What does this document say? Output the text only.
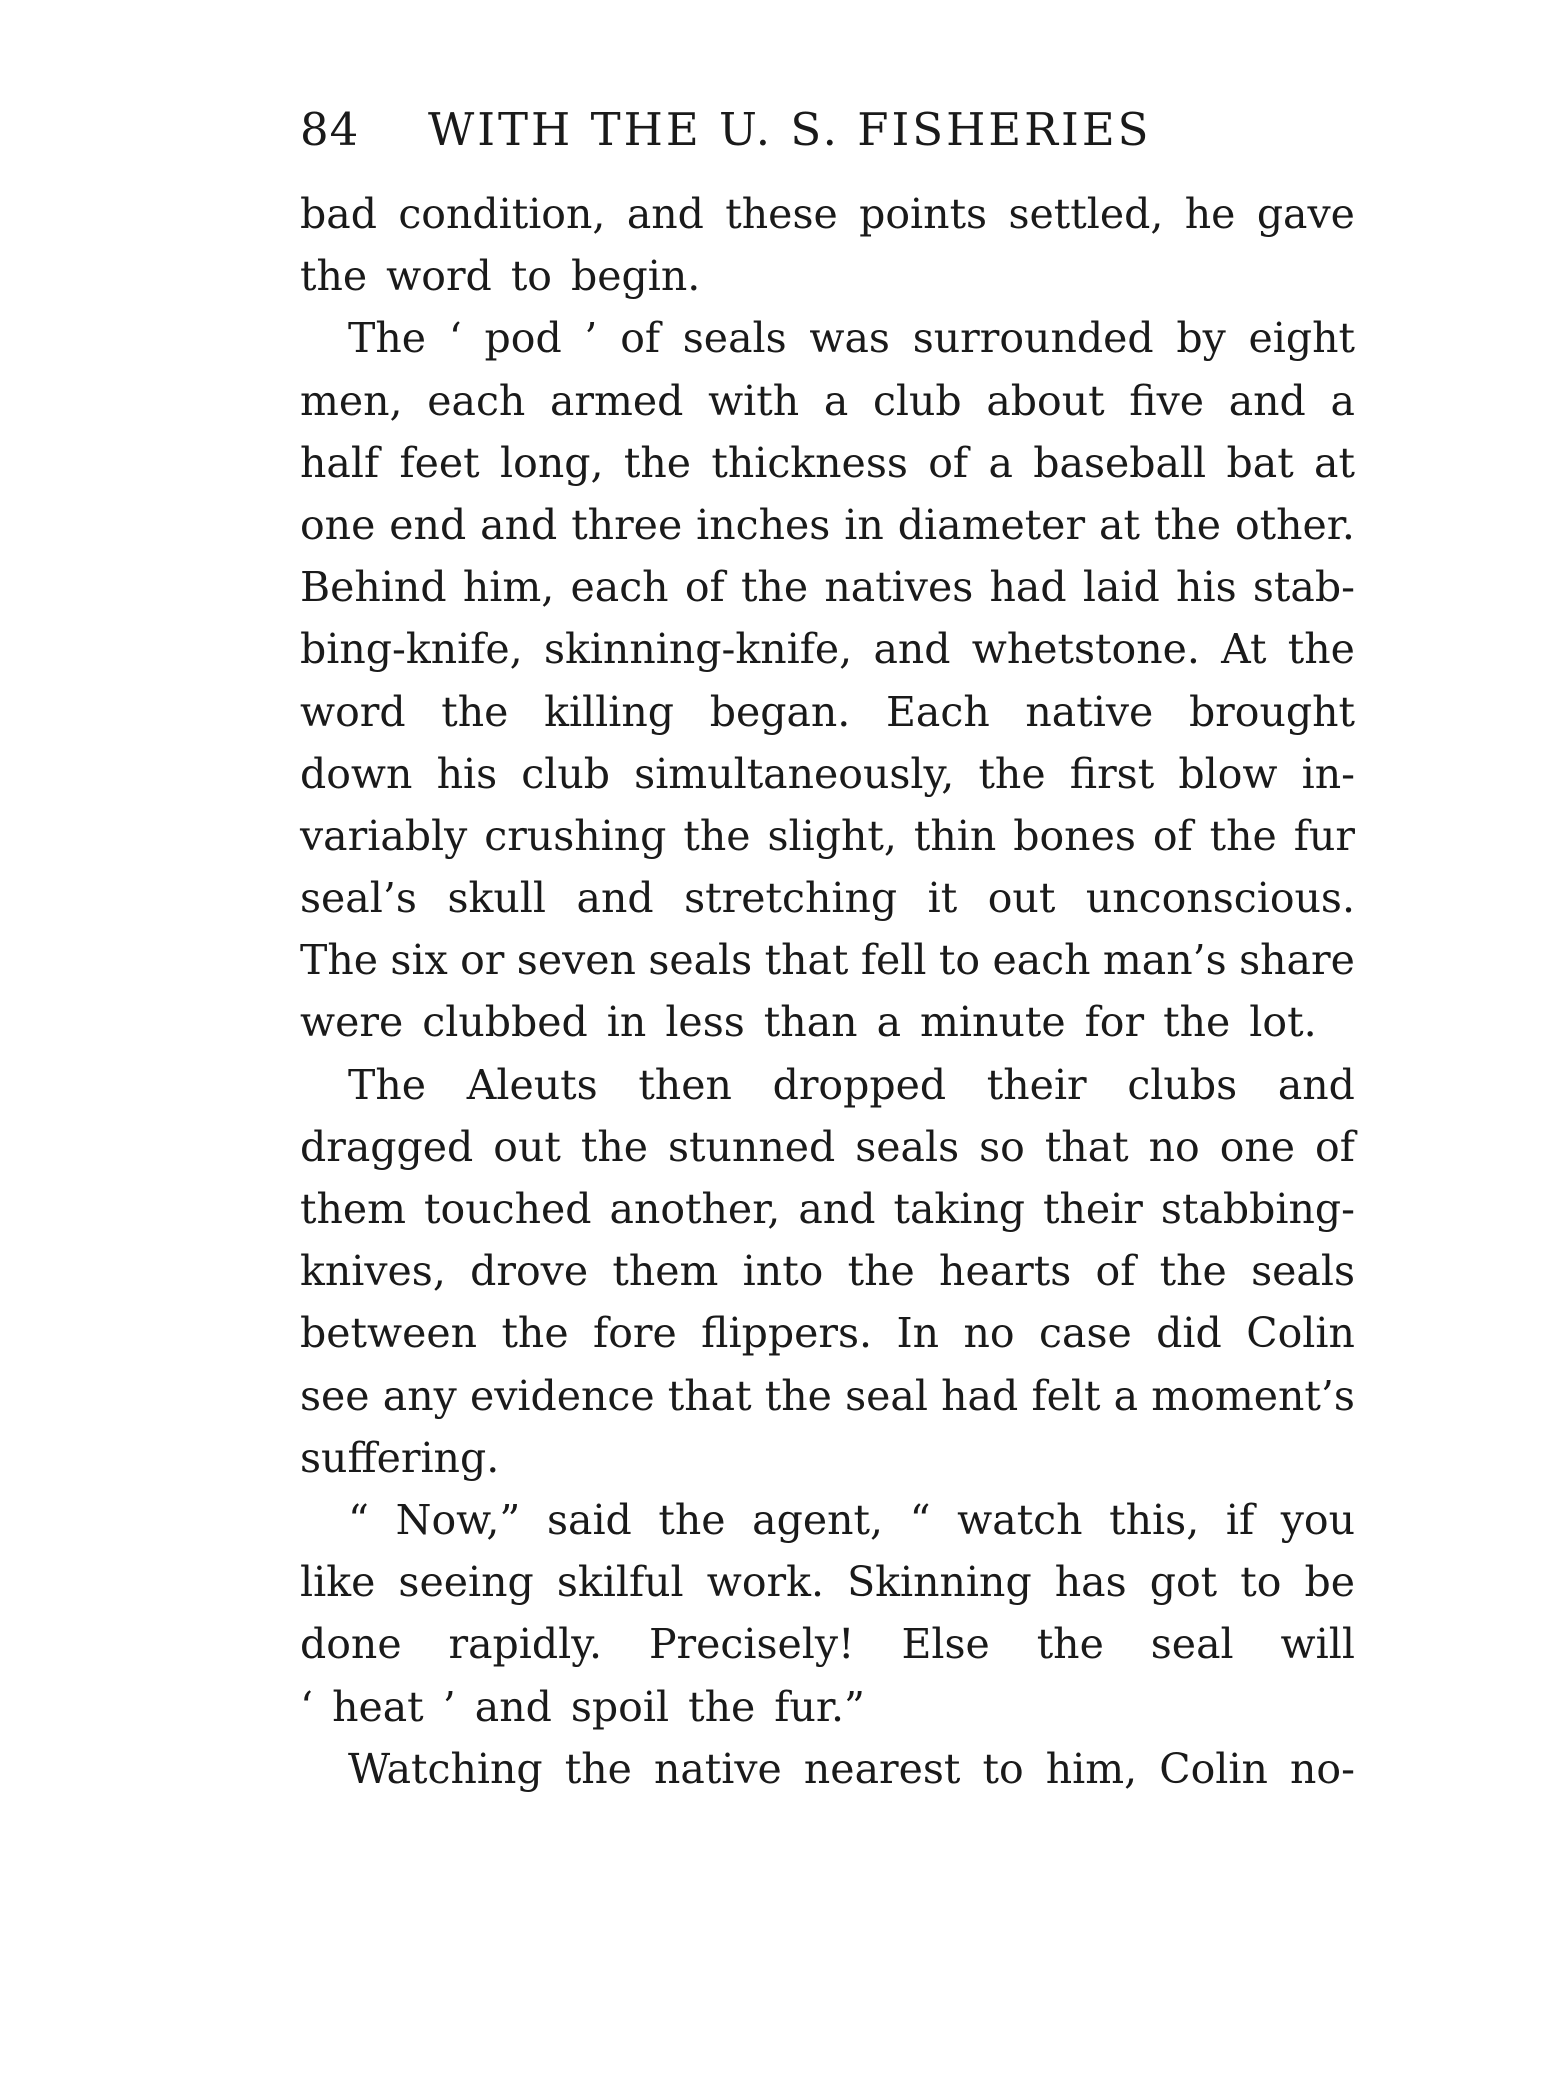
84 WITH THE U. S. FISHERIES
bad condition, and these points settled, he gave
the word to begin.
The ‘ pod ’ of seals was surrounded by eight
men, each armed with a club about five and a
half feet long, the thickness of a baseball bat at
one end and three inches in diameter at the other.
Behind him, each of the natives had laid his stab-
bing-knife, skinning-knife, and whetstone. At the
word the killing began. Each native brought
down his club simultaneously, the first blow in-
variably crushing the slight, thin bones of the fur
seal’s skull and stretching it out unconscious.
The six or seven seals that fell to each man’s share
were clubbed in less than a minute for the lot.
The Aleuts then dropped their clubs and
dragged out the stunned seals so that no one of
them touched another, and taking their stabbing-
knives, drove them into the hearts of the seals
between the fore flippers. In no case did Colin
see any evidence that the seal had felt a moment’s
suffering.
“ Now,” said the agent, “ watch this, if you
like seeing skilful work. Skinning has got to be
done rapidly. Precisely! Else the seal will
‘ heat ’ and spoil the fur.”
Watching the native nearest to him, Colin no-
